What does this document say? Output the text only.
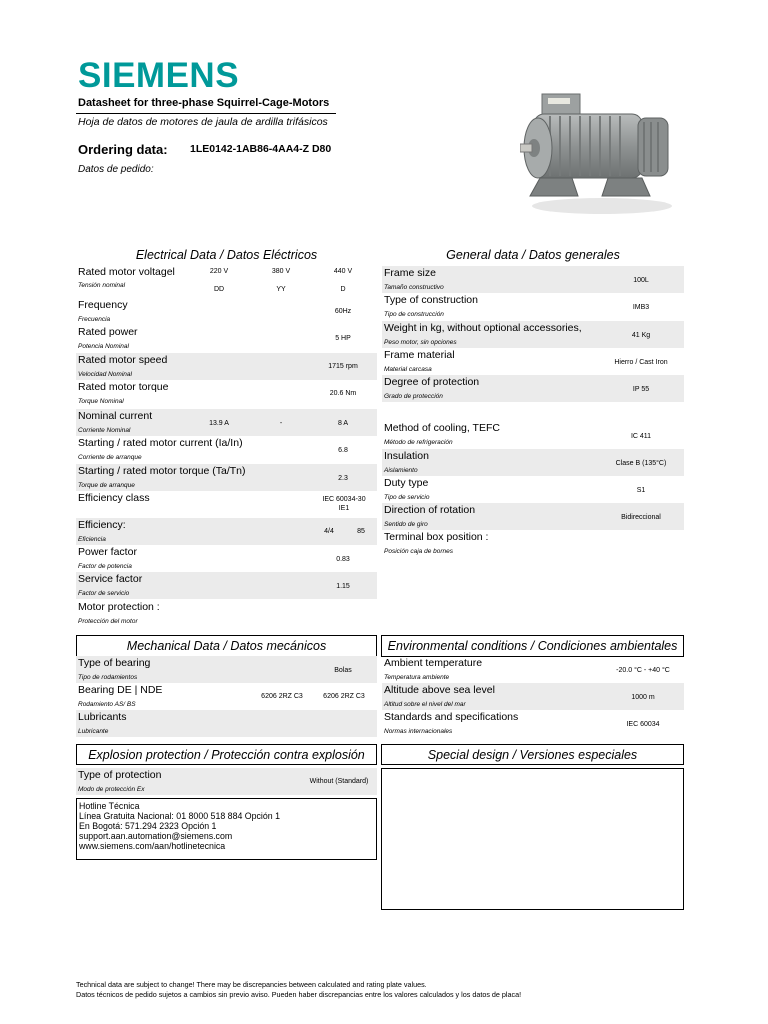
SIEMENS
Datasheet for three-phase Squirrel-Cage-Motors
Hoja de datos de motores de jaula de ardilla trifásicos
Ordering data: 1LE0142-1AB86-4AA4-Z D80
Datos de pedido:
Electrical Data / Datos Eléctricos	General data / Datos generales
Rated motor voltagel
Tensión nominal
220 V	380 V	440 V
DD	YY	D
Frequency
Frecuencia
60Hz
Rated power
Potencia Nominal
5 HP
Rated motor speed
Velocidad Nominal
1715 rpm
Rated motor torque
Torque Nominal
20.6 Nm
Nominal current
Corriente Nominal
13.9 A	-	8 A
Starting / rated motor current (Ia/In)
Corriente de arranque
6.8
Starting / rated motor torque (Ta/Tn)
Torque de arranque
2.3
Efficiency class	IEC 60034-30
IE1
Efficiency:
Eficiencia
4/4	85
Power factor
Factor de potencia
0.83
Service factor
Factor de servicio
1.15
Motor protection :
Protección del motor
Frame size
Tamaño constructivo
100L
Type of construction
Tipo de construcción
IMB3
Weight in kg, without optional accessories,
Peso motor, sin opciones
41 Kg
Frame material
Material carcasa
Hierro / Cast Iron
Degree of protection
Grado de protección
IP 55
Method of cooling, TEFC
Método de refrigeración
IC 411
Insulation
Aislamiento
Clase B (135°C)
Duty type
Tipo de servicio
S1
Direction of rotation
Sentido de giro
Bidireccional
Terminal box position :
Posición caja de bornes
Mechanical Data / Datos mecánicos
Type of bearing
Tipo de rodamientos
Bolas
Bearing DE | NDE
Rodamiento AS/ BS
6206 2RZ C3	6206 2RZ C3
Lubricants
Lubricante
Environmental conditions / Condiciones ambientales
Ambient temperature
Temperatura ambiente
-20.0 °C - +40 °C
Altitude above sea level
Altitud sobre el nivel del mar
1000 m
Standards and specifications
Normas internacionales
IEC 60034
Explosion protection / Protección contra explosión
Type of protection
Modo de protección Ex
Without (Standard)
Hotline Técnica
Línea Gratuita Nacional: 01 8000 518 884 Opción 1
En Bogotá: 571.294 2323 Opción 1
support.aan.automation@siemens.com
www.siemens.com/aan/hotlinetecnica
Special design / Versiones especiales
Technical data are subject to change! There may be discrepancies between calculated and rating plate values.
Datos técnicos de pedido sujetos a cambios sin previo aviso. Pueden haber discrepancias entre los valores calculados y los datos de placa!
